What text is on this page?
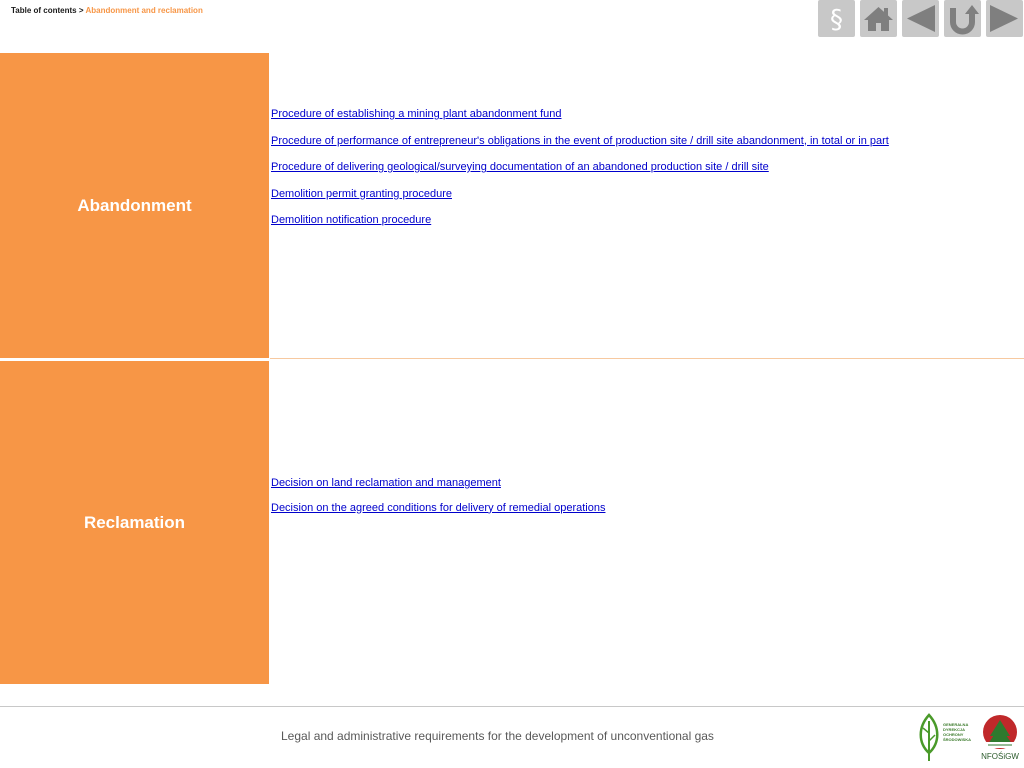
Table of contents > Abandonment and reclamation	§
Abandonment
Procedure of establishing a mining plant abandonment fund
Procedure of performance of entrepreneur's obligations in the event of production site / drill site abandonment, in total or in part
Procedure of delivering geological/surveying documentation of an abandoned production site / drill site
Demolition permit granting procedure
Demolition notification procedure
Reclamation
Decision on land reclamation and management
Decision on the agreed conditions for delivery of remedial operations
Legal and administrative requirements for the development of unconventional gas
GENERALNA
DYREKCJA
OCHRONY
ŚRODOWISKA
NFOŚiGW
